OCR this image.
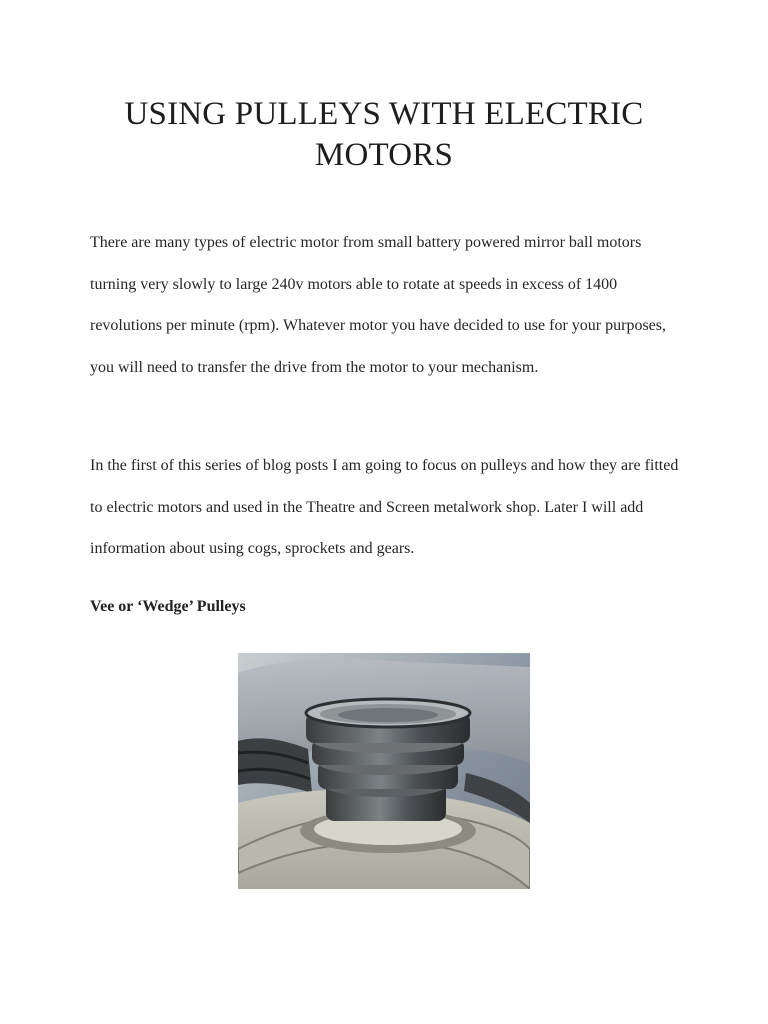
USING PULLEYS WITH ELECTRIC
MOTORS

There are many types of electric motor from small battery powered mirror ball motors turning very slowly to large 240v motors able to rotate at speeds in excess of 1400 revolutions per minute (rpm). Whatever motor you have decided to use for your purposes, you will need to transfer the drive from the motor to your mechanism.

In the first of this series of blog posts I am going to focus on pulleys and how they are fitted to electric motors and used in the Theatre and Screen metalwork shop. Later I will add information about using cogs, sprockets and gears.

Vee or ‘Wedge’ Pulleys
